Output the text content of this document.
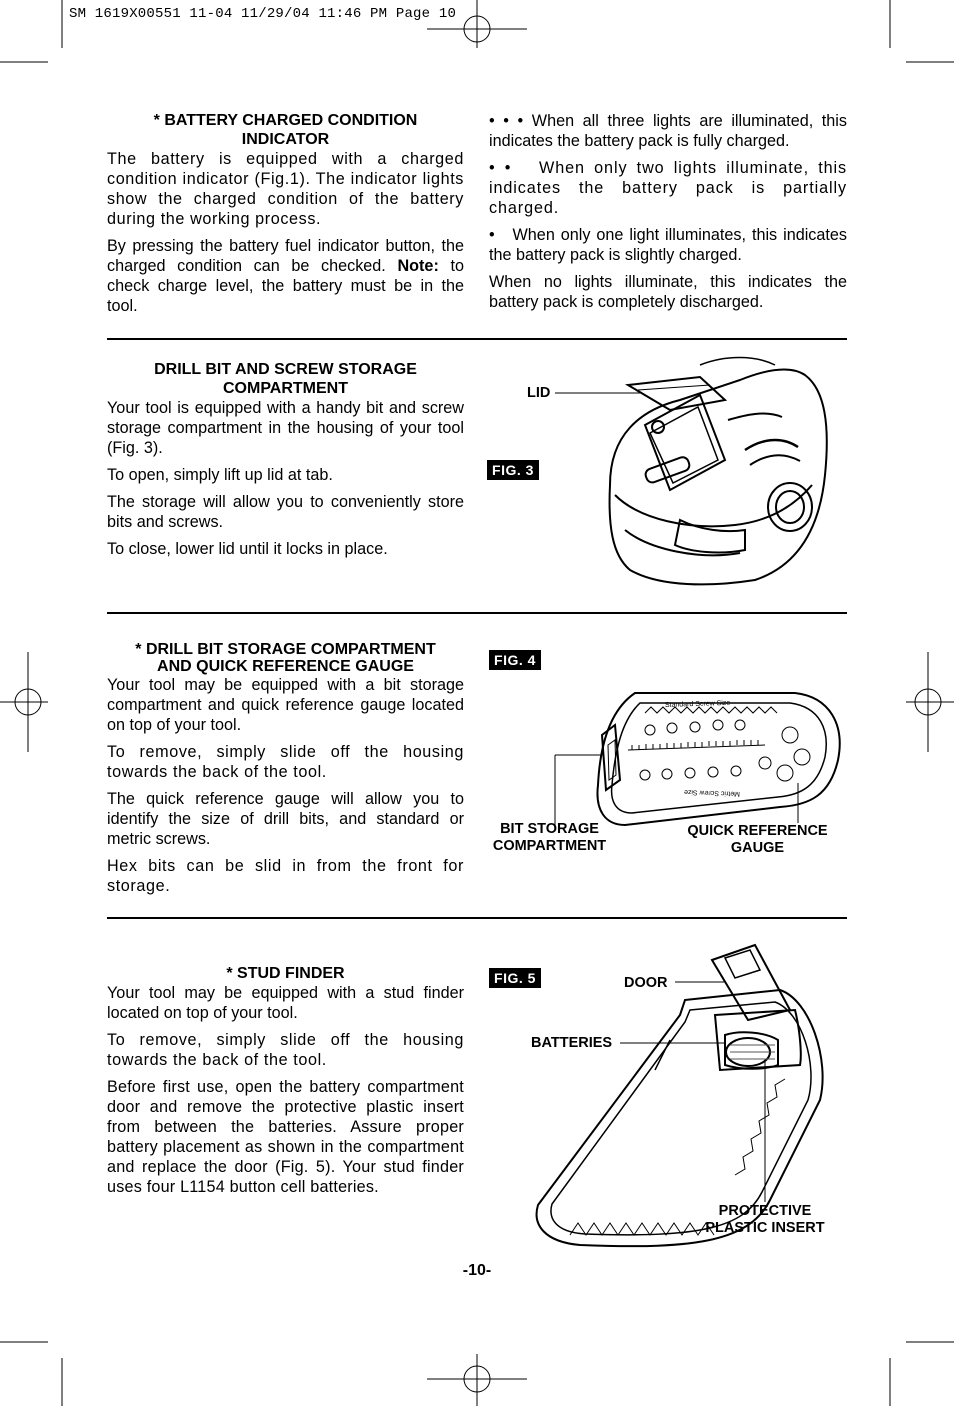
SM 1619X00551 11-04 11/29/04 11:46 PM Page 10
* BATTERY CHARGED CONDITION INDICATOR

The battery is equipped with a charged condition indicator (Fig.1). The indicator lights show the charged condition of the battery during the working process.

By pressing the battery fuel indicator button, the charged condition can be checked. Note: to check charge level, the battery must be in the tool.

• • • When all three lights are illuminated, this indicates the battery pack is fully charged.

• •   When only two lights illuminate, this indicates the battery pack is partially charged.

•   When only one light illuminates, this indicates the battery pack is slightly charged.

When no lights illuminate, this indicates the battery pack is completely discharged.

DRILL BIT AND SCREW STORAGE COMPARTMENT

Your tool is equipped with a handy bit and screw storage compartment in the housing of your tool (Fig. 3).

To open, simply lift up lid at tab.

The storage will allow you to conveniently store bits and screws.

To close, lower lid until it locks in place.

FIG. 3
LID
* DRILL BIT STORAGE COMPARTMENT AND QUICK REFERENCE GAUGE

Your tool may be equipped with a bit storage compartment and quick reference gauge located on top of your tool.

To remove, simply slide off the housing towards the back of the tool.

The quick reference gauge will allow you to identify the size of drill bits, and standard or metric screws.

Hex bits can be slid in from the front for storage.

FIG. 4
Standard Screw Size
Metric Screw Size
BIT STORAGE COMPARTMENT
QUICK REFERENCE GAUGE
* STUD FINDER

Your tool may be equipped with a stud finder located on top of your tool.

To remove, simply slide off the housing towards the back of the tool.

Before first use, open the battery compartment door and remove the protective plastic insert from between the batteries. Assure proper battery placement as shown in the compartment and replace the door (Fig. 5). Your stud finder uses four L1154 button cell batteries.

FIG. 5	DOOR
BATTERIES
PROTECTIVE PLASTIC INSERT
-10-
